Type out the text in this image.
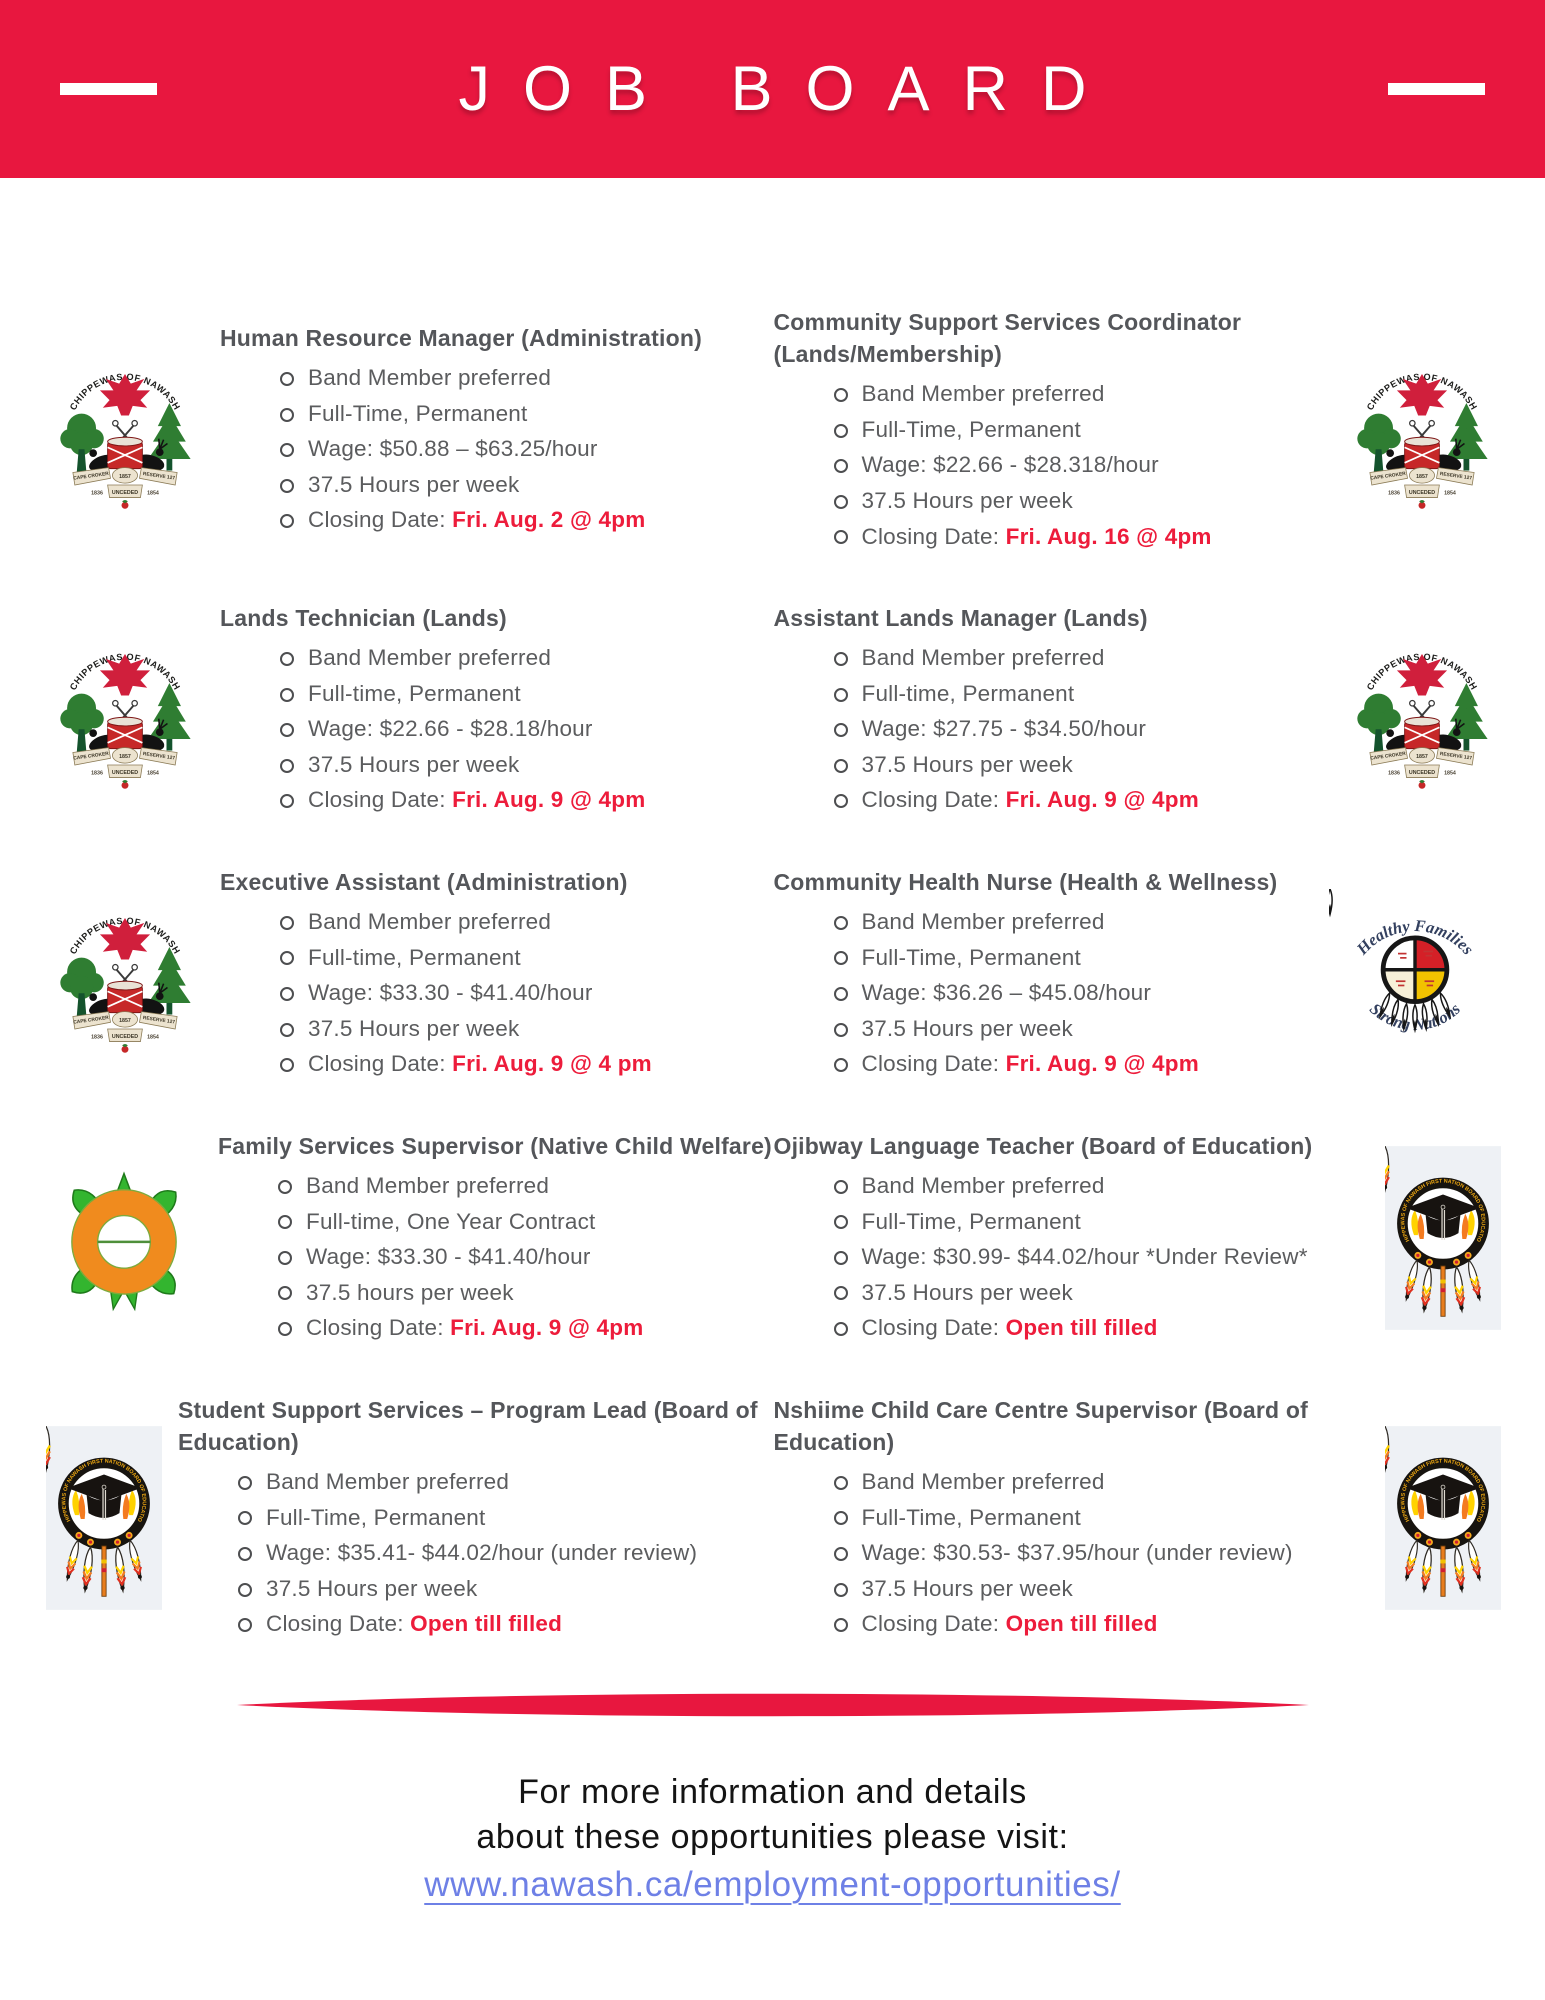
JOB BOARD
Human Resource Manager (Administration)
Band Member preferred
Full-Time, Permanent
Wage: $50.88 – $63.25/hour
37.5 Hours per week
Closing Date: Fri. Aug. 2 @ 4pm
Community Support Services Coordinator (Lands/Membership)
Band Member preferred
Full-Time, Permanent
Wage: $22.66 - $28.318/hour
37.5 Hours per week
Closing Date: Fri. Aug. 16 @ 4pm
Lands Technician (Lands)
Band Member preferred
Full-time, Permanent
Wage: $22.66 - $28.18/hour
37.5 Hours per week
Closing Date: Fri. Aug. 9 @ 4pm
Assistant Lands Manager (Lands)
Band Member preferred
Full-time, Permanent
Wage: $27.75 - $34.50/hour
37.5 Hours per week
Closing Date: Fri. Aug. 9 @ 4pm
Executive Assistant (Administration)
Band Member preferred
Full-time, Permanent
Wage: $33.30 - $41.40/hour
37.5 Hours per week
Closing Date: Fri. Aug. 9 @ 4 pm
Community Health Nurse (Health & Wellness)
Band Member preferred
Full-Time, Permanent
Wage: $36.26 – $45.08/hour
37.5 Hours per week
Closing Date: Fri. Aug. 9 @ 4pm
Family Services Supervisor (Native Child Welfare)
Band Member preferred
Full-time, One Year Contract
Wage: $33.30 - $41.40/hour
37.5 hours per week
Closing Date: Fri. Aug. 9 @ 4pm
Ojibway Language Teacher (Board of Education)
Band Member preferred
Full-Time, Permanent
Wage: $30.99- $44.02/hour *Under Review*
37.5 Hours per week
Closing Date: Open till filled
Student Support Services – Program Lead (Board of Education)
Band Member preferred
Full-Time, Permanent
Wage: $35.41- $44.02/hour (under review)
37.5 Hours per week
Closing Date: Open till filled
Nshiime Child Care Centre Supervisor (Board of Education)
Band Member preferred
Full-Time, Permanent
Wage: $30.53- $37.95/hour (under review)
37.5 Hours per week
Closing Date: Open till filled
For more information and details
about these opportunities please visit:
www.nawash.ca/employment-opportunities/
